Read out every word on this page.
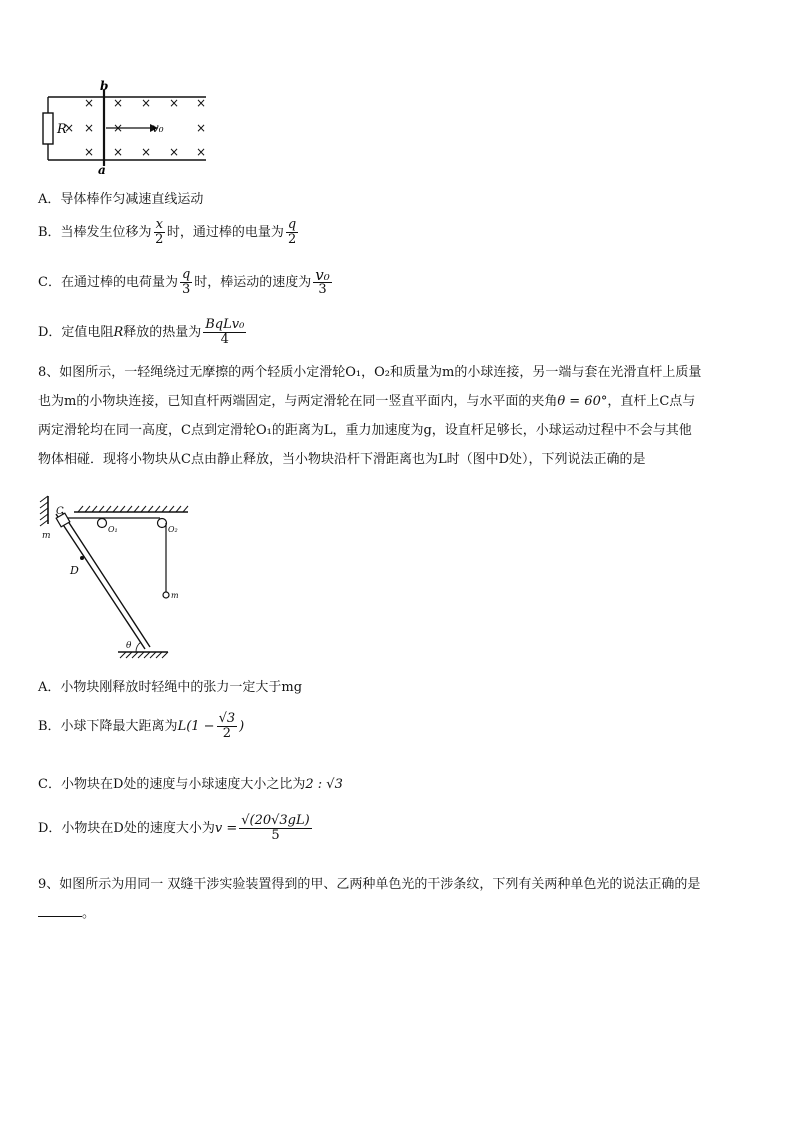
× × × × ×
× ×	×
× × × × ×
×
b
a
R	v₀
A．导体棒作匀减速直线运动
B．当棒发生位移为 $\frac{x}{2}$ 时，通过棒的电量为 $\frac{q}{2}$
C．在通过棒的电荷量为 $\frac{q}{3}$ 时，棒运动的速度为 $\frac{\text{v₀}}{3}$
D．定值电阻R释放的热量为 $\frac{\text{BqLv₀}}{4}$
8、如图所示，一轻绳绕过无摩擦的两个轻质小定滑轮O₁，O₂和质量为m的小球连接，另一端与套在光滑直杆上质量
也为m的小物块连接，已知直杆两端固定，与两定滑轮在同一竖直平面内，与水平面的夹角θ = 60°，直杆上C点与
两定滑轮均在同一高度，C点到定滑轮O₁的距离为L，重力加速度为g，设直杆足够长，小球运动过程中不会与其他
物体相碰．现将小物块从C点由静止释放，当小物块沿杆下滑距离也为L时（图中D处），下列说法正确的是
C
m
O₁	O₂
D
m
θ
A．小物块刚释放时轻绳中的张力一定大于mg
B．小球下降最大距离为$L(1 - \frac{√3}{2}$ )
C．小物块在D处的速度与小球速度大小之比为2 : √3
D．小物块在D处的速度大小为$v = \frac{√(20√3gL)}{5}$
9、如图所示为用同一 双缝干涉实验装置得到的甲、乙两种单色光的干涉条纹，下列有关两种单色光的说法正确的是
。
